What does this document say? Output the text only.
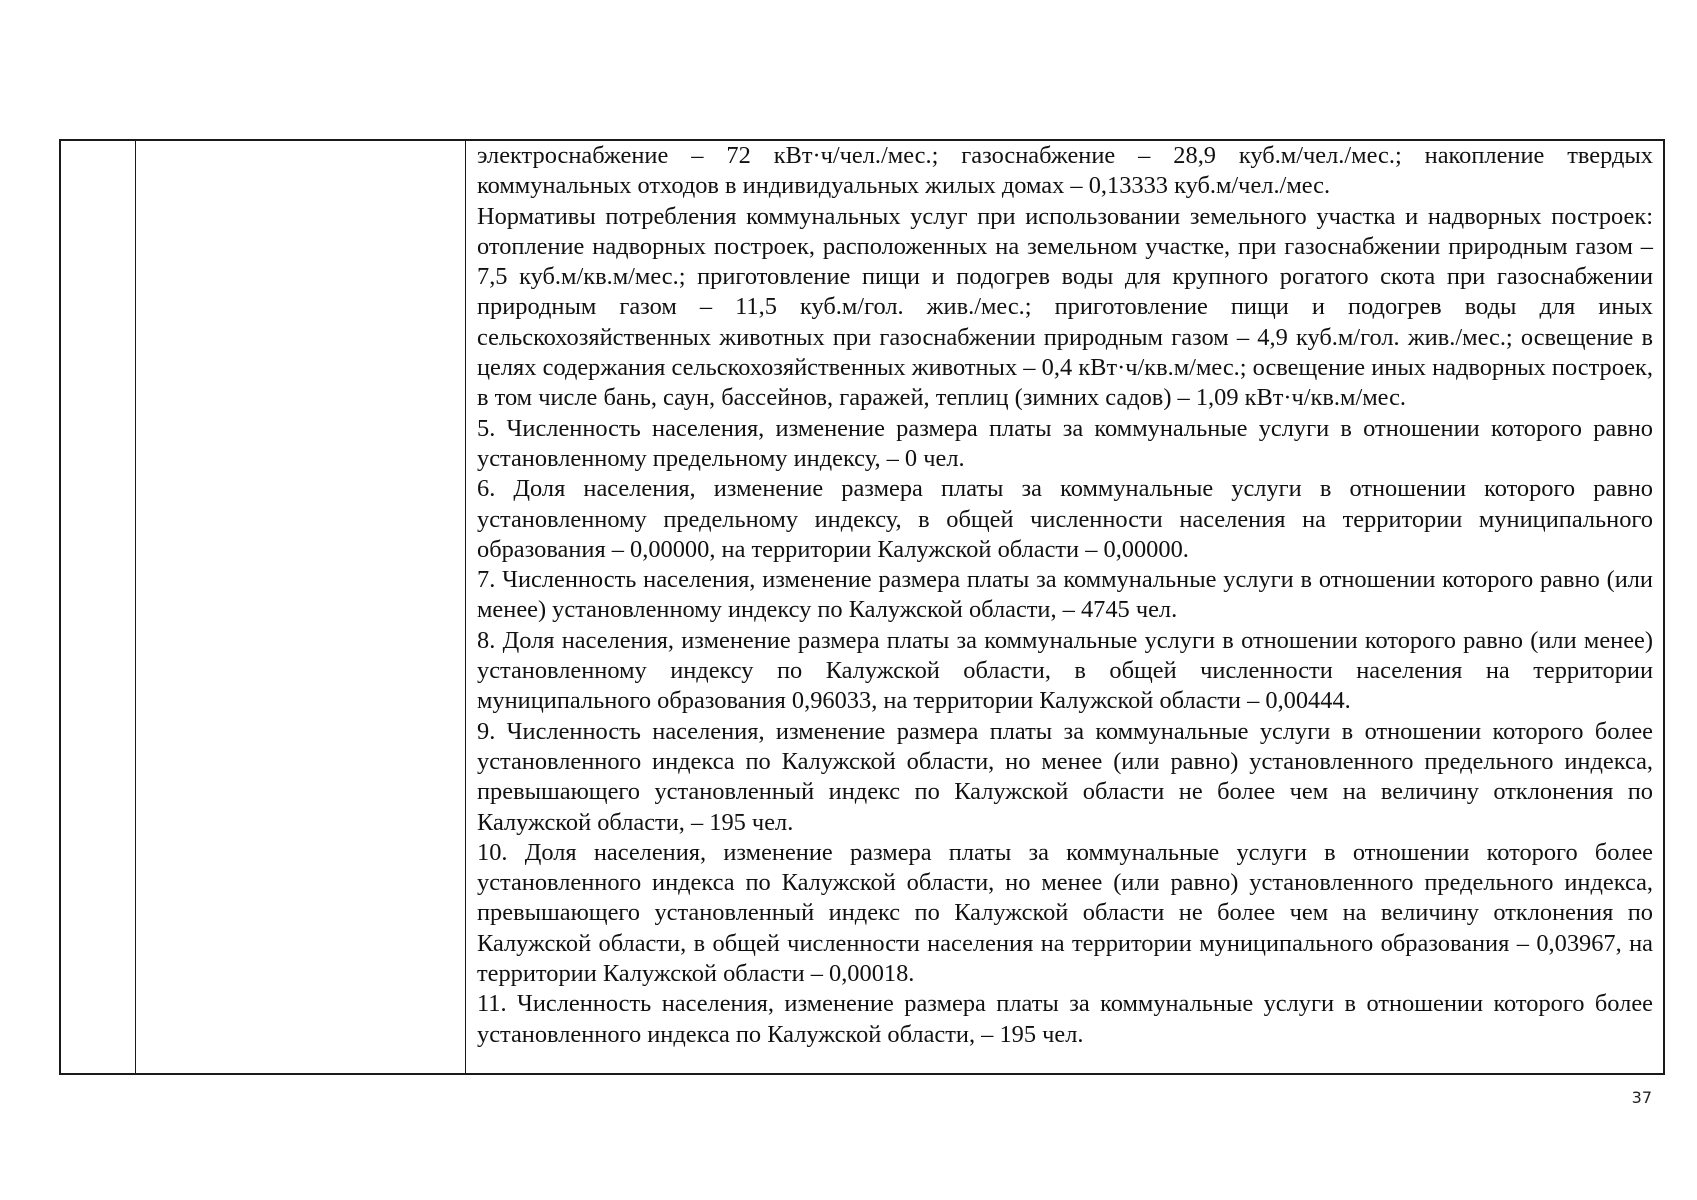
электроснабжение – 72 кВт·ч/чел./мес.; газоснабжение – 28,9 куб.м/чел./мес.; накопление твердых коммунальных отходов в индивидуальных жилых домах – 0,13333 куб.м/чел./мес.

Нормативы потребления коммунальных услуг при использовании земельного участка и надворных построек: отопление надворных построек, расположенных на земельном участке, при газоснабжении природным газом – 7,5 куб.м/кв.м/мес.; приготовление пищи и подогрев воды для крупного рогатого скота при газоснабжении природным газом – 11,5 куб.м/гол. жив./мес.; приготовление пищи и подогрев воды для иных сельскохозяйственных животных при газоснабжении природным газом – 4,9 куб.м/гол. жив./мес.; освещение в целях содержания сельскохозяйственных животных – 0,4 кВт·ч/кв.м/мес.; освещение иных надворных построек, в том числе бань, саун, бассейнов, гаражей, теплиц (зимних садов) – 1,09 кВт·ч/кв.м/мес.

5. Численность населения, изменение размера платы за коммунальные услуги в отношении которого равно установленному предельному индексу, – 0 чел.

6. Доля населения, изменение размера платы за коммунальные услуги в отношении которого равно установленному предельному индексу, в общей численности населения на территории муниципального образования – 0,00000, на территории Калужской области – 0,00000.

7. Численность населения, изменение размера платы за коммунальные услуги в отношении которого равно (или менее) установленному индексу по Калужской области, – 4745 чел.

8. Доля населения, изменение размера платы за коммунальные услуги в отношении которого равно (или менее) установленному индексу по Калужской области, в общей численности населения на территории муниципального образования 0,96033, на территории Калужской области – 0,00444.

9. Численность населения, изменение размера платы за коммунальные услуги в отношении которого более установленного индекса по Калужской области, но менее (или равно) установленного предельного индекса, превышающего установленный индекс по Калужской области не более чем на величину отклонения по Калужской области, – 195 чел.

10. Доля населения, изменение размера платы за коммунальные услуги в отношении которого более установленного индекса по Калужской области, но менее (или равно) установленного предельного индекса, превышающего установленный индекс по Калужской области не более чем на величину отклонения по Калужской области, в общей численности населения на территории муниципального образования – 0,03967, на территории Калужской области – 0,00018.

11. Численность населения, изменение размера платы за коммунальные услуги в отношении которого более установленного индекса по Калужской области, – 195 чел.

37
